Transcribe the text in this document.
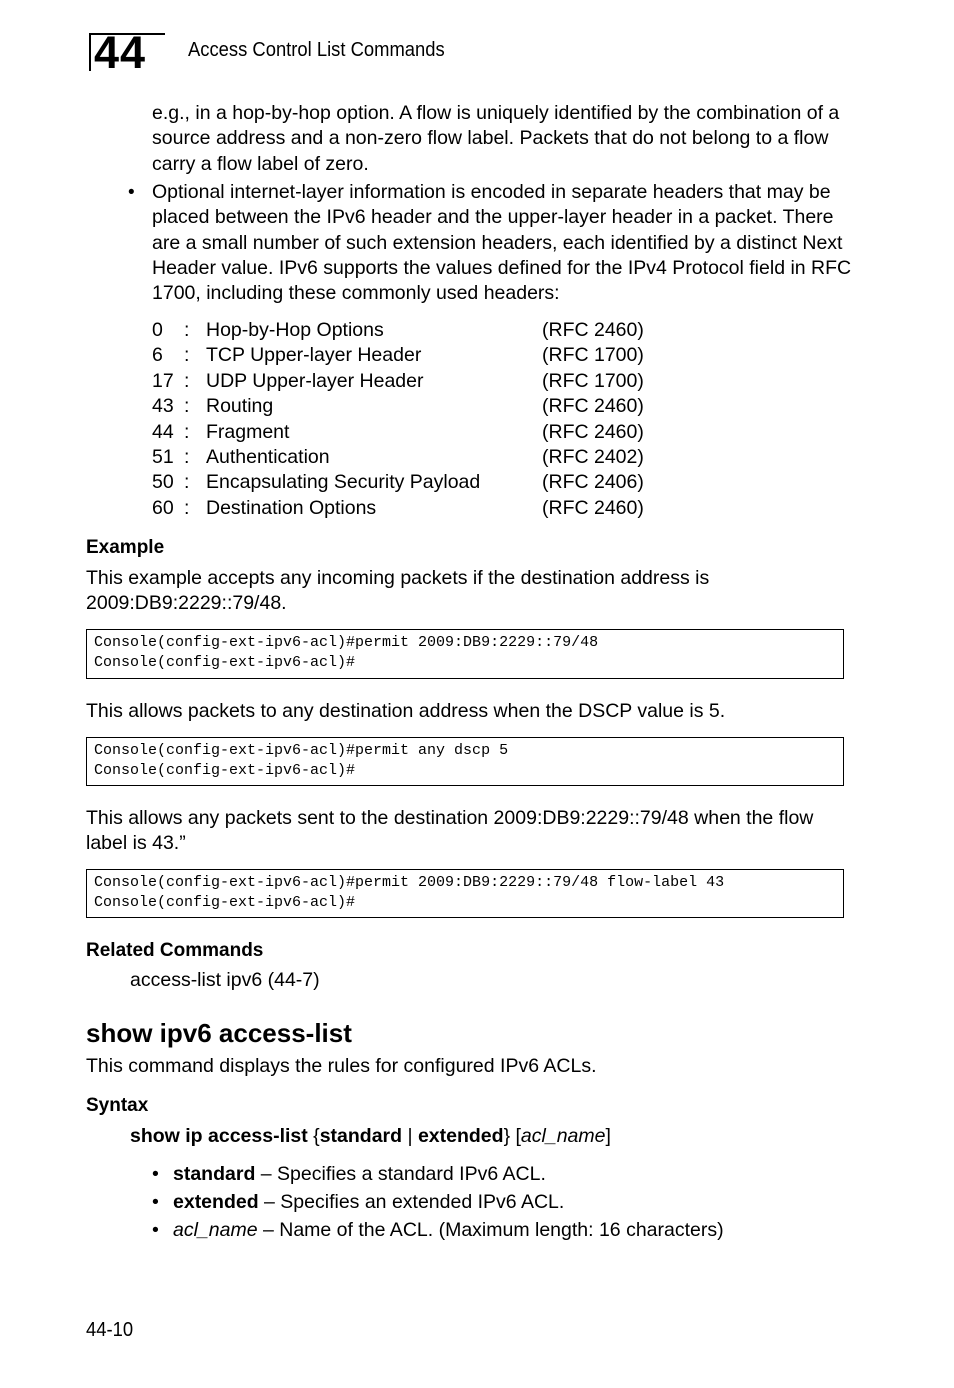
44 Access Control List Commands
e.g., in a hop-by-hop option. A flow is uniquely identified by the combination of a source address and a non-zero flow label. Packets that do not belong to a flow carry a flow label of zero.
• Optional internet-layer information is encoded in separate headers that may be placed between the IPv6 header and the upper-layer header in a packet. There are a small number of such extension headers, each identified by a distinct Next Header value. IPv6 supports the values defined for the IPv4 Protocol field in RFC 1700, including these commonly used headers:
0 : Hop-by-Hop Options	(RFC 2460)
6 : TCP Upper-layer Header	(RFC 1700)
17 : UDP Upper-layer Header	(RFC 1700)
43 : Routing	(RFC 2460)
44 : Fragment	(RFC 2460)
51 : Authentication	(RFC 2402)
50 : Encapsulating Security Payload	(RFC 2406)
60 : Destination Options	(RFC 2460)
Example
This example accepts any incoming packets if the destination address is 2009:DB9:2229::79/48.
Console(config-ext-ipv6-acl)#permit 2009:DB9:2229::79/48
Console(config-ext-ipv6-acl)#
This allows packets to any destination address when the DSCP value is 5.
Console(config-ext-ipv6-acl)#permit any dscp 5
Console(config-ext-ipv6-acl)#
This allows any packets sent to the destination 2009:DB9:2229::79/48 when the flow label is 43.”
Console(config-ext-ipv6-acl)#permit 2009:DB9:2229::79/48 flow-label 43
Console(config-ext-ipv6-acl)#
Related Commands
access-list ipv6 (44-7)
show ipv6 access-list
This command displays the rules for configured IPv6 ACLs.
Syntax
show ip access-list {standard | extended} [acl_name]
• standard – Specifies a standard IPv6 ACL.
• extended – Specifies an extended IPv6 ACL.
• acl_name – Name of the ACL. (Maximum length: 16 characters)
44-10
